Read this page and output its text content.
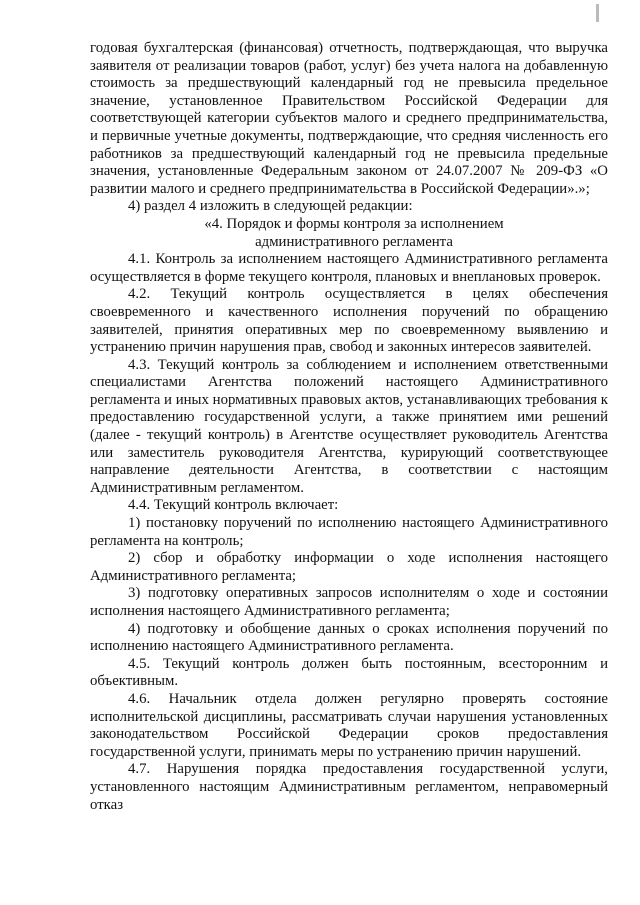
годовая бухгалтерская (финансовая) отчетность, подтверждающая, что выручка заявителя от реализации товаров (работ, услуг) без учета налога на добавленную стоимость за предшествующий календарный год не превысила предельное значение, установленное Правительством Российской Федерации для соответствующей категории субъектов малого и среднего предпринимательства, и первичные учетные документы, подтверждающие, что средняя численность его работников за предшествующий календарный год не превысила предельные значения, установленные Федеральным законом от 24.07.2007 № 209-ФЗ «О развитии малого и среднего предпринимательства в Российской Федерации».»;

4) раздел 4 изложить в следующей редакции:

«4. Порядок и формы контроля за исполнением
административного регламента

4.1. Контроль за исполнением настоящего Административного регламента осуществляется в форме текущего контроля, плановых и внеплановых проверок.

4.2. Текущий контроль осуществляется в целях обеспечения своевременного и качественного исполнения поручений по обращению заявителей, принятия оперативных мер по своевременному выявлению и устранению причин нарушения прав, свобод и законных интересов заявителей.

4.3. Текущий контроль за соблюдением и исполнением ответственными специалистами Агентства положений настоящего Административного регламента и иных нормативных правовых актов, устанавливающих требования к предоставлению государственной услуги, а также принятием ими решений (далее - текущий контроль) в Агентстве осуществляет руководитель Агентства или заместитель руководителя Агентства, курирующий соответствующее направление деятельности Агентства, в соответствии с настоящим Административным регламентом.

4.4. Текущий контроль включает:

1) постановку поручений по исполнению настоящего Административного регламента на контроль;

2) сбор и обработку информации о ходе исполнения настоящего Административного регламента;

3) подготовку оперативных запросов исполнителям о ходе и состоянии исполнения настоящего Административного регламента;

4) подготовку и обобщение данных о сроках исполнения поручений по исполнению настоящего Административного регламента.

4.5. Текущий контроль должен быть постоянным, всесторонним и объективным.

4.6. Начальник отдела должен регулярно проверять состояние исполнительской дисциплины, рассматривать случаи нарушения установленных законодательством Российской Федерации сроков предоставления государственной услуги, принимать меры по устранению причин нарушений.

4.7. Нарушения порядка предоставления государственной услуги, установленного настоящим Административным регламентом, неправомерный отказ
